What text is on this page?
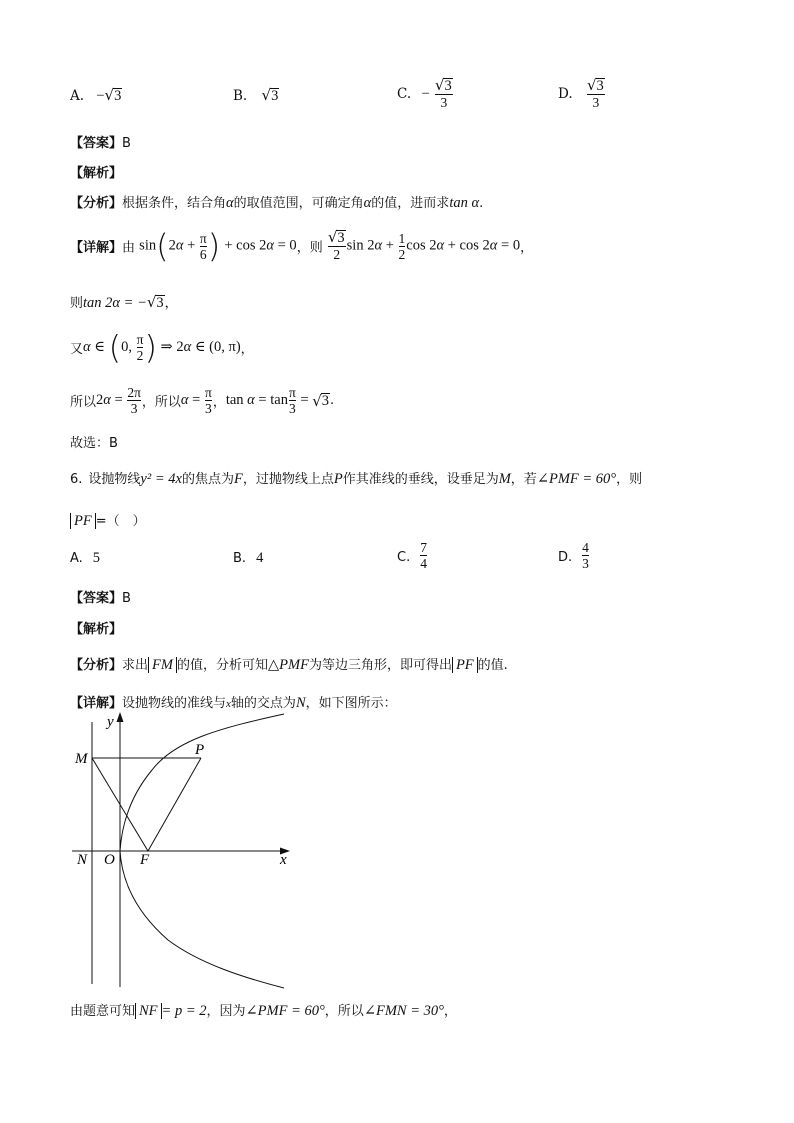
A. −√3	B. √3	C. − $\frac{√3}{3}$	D. $\frac{√3}{3}$
【答案】B
【解析】
【分析】根据条件，结合角α的取值范围，可确定角α的值，进而求tan α.
【详解】由 $\sin(2\alpha + \frac{\pi}{6}$ ) + cos 2α = 0，则 $\frac{√3}{2}$ $\sin 2\alpha + \frac{1}{2}$ cos 2α + cos 2α = 0，
则tan 2α = −√3，
又α ∈ (0, $\frac{\pi}{2}$ ) ⇒ 2α ∈ (0, π)，
所以$2\alpha = \frac{2\pi}{3}$ ，所以$\alpha = \frac{\pi}{3}$ ，$\tan \alpha = \tan \frac{\pi}{3} = √3$.
故选：B
6. 设抛物线y² = 4x的焦点为F，过抛物线上点P作其准线的垂线，设垂足为M，若∠PMF = 60°，则
PF =（　）
A. 5	B. 4	C. $\frac{7}{4}$	D. $\frac{4}{3}$
【答案】B
【解析】
【分析】求出 FM 的值，分析可知△PMF为等边三角形，即可得出 PF 的值.
【详解】设抛物线的准线与x轴的交点为N，如下图所示：
y
x
M
P
N O F
由题意可知 NF = p = 2，因为∠PMF = 60°，所以∠FMN = 30°，
